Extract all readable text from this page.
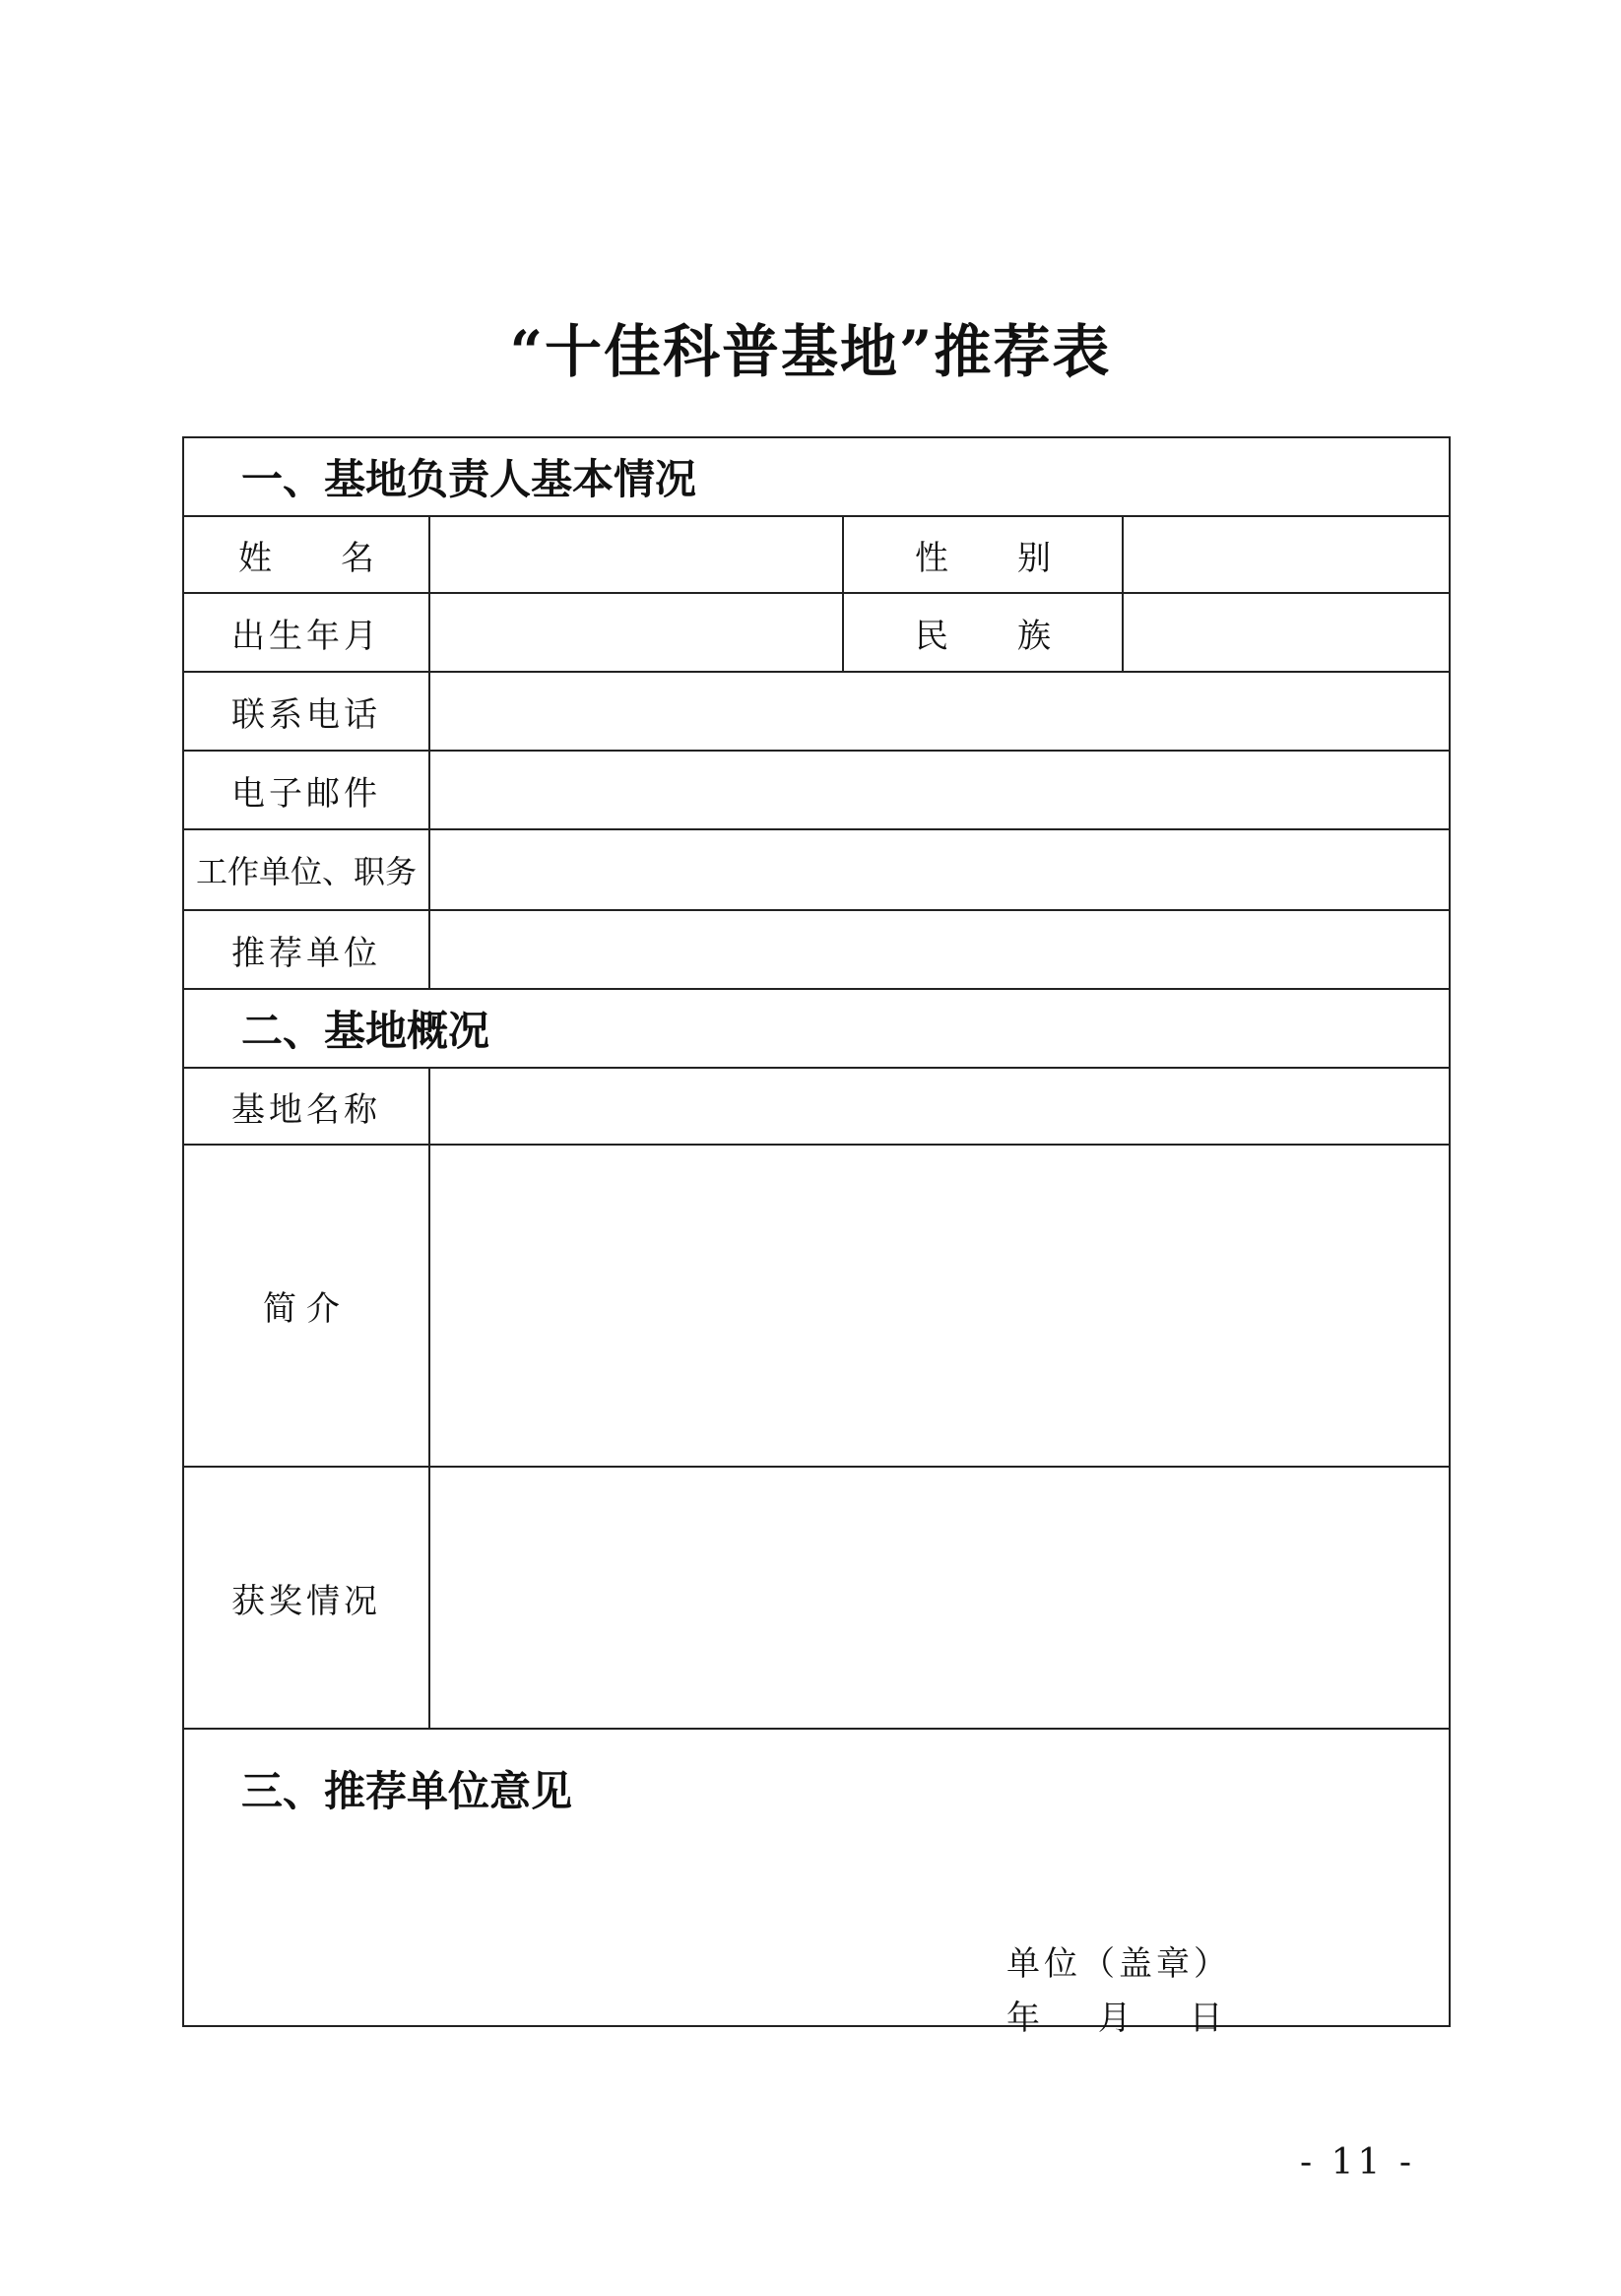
“十佳科普基地”推荐表
一、基地负责人基本情况
姓名	性别
出生年月	民族
联系电话
电子邮件
工作单位、职务
推荐单位
二、基地概况
基地名称
简介
获奖情况
三、推荐单位意见
单位（盖章）
年 月 日
- 11 -
